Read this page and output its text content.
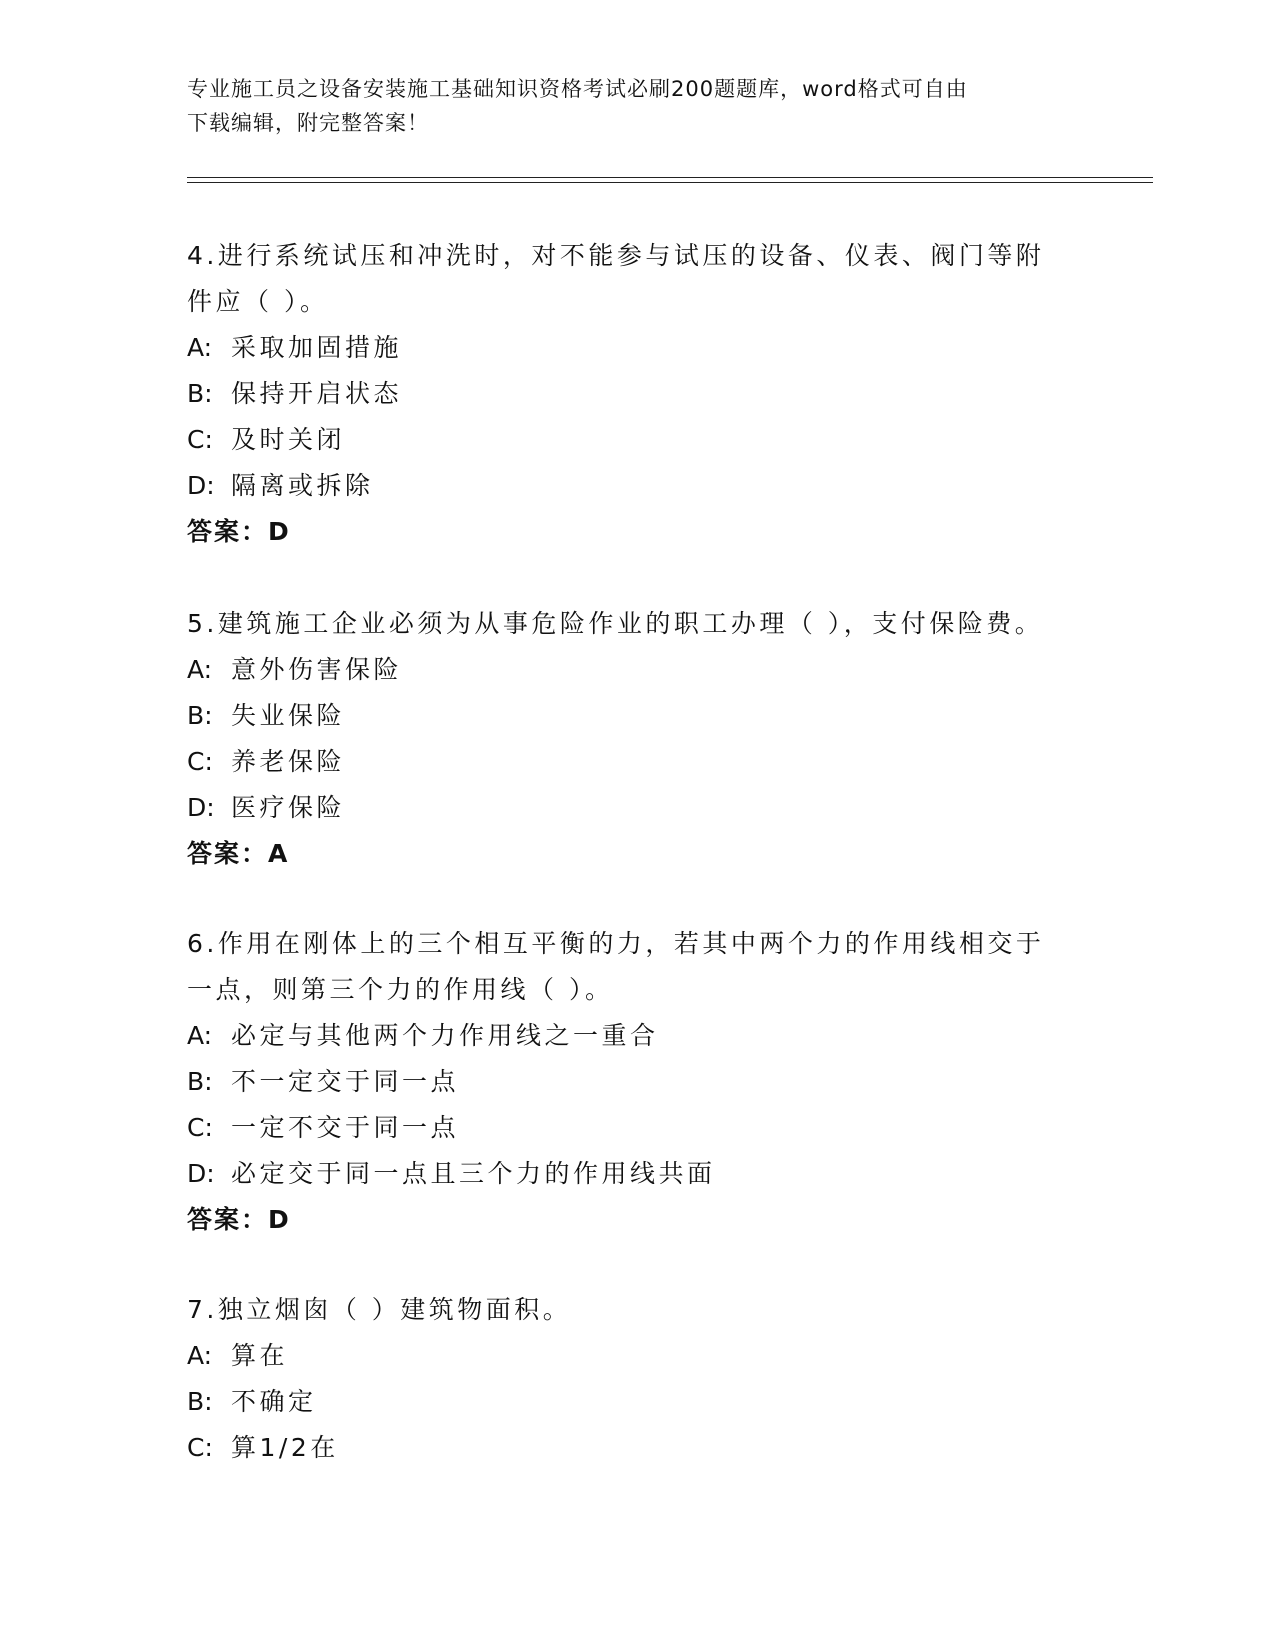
专业施工员之设备安装施工基础知识资格考试必刷200题题库，word格式可自由
下载编辑，附完整答案！
4.进行系统试压和冲洗时，对不能参与试压的设备、仪表、阀门等附
件应（ ）。
A: 采取加固措施
B: 保持开启状态
C: 及时关闭
D: 隔离或拆除
答案：D
5.建筑施工企业必须为从事危险作业的职工办理（ ），支付保险费。
A: 意外伤害保险
B: 失业保险
C: 养老保险
D: 医疗保险
答案：A
6.作用在刚体上的三个相互平衡的力，若其中两个力的作用线相交于
一点，则第三个力的作用线（ ）。
A: 必定与其他两个力作用线之一重合
B: 不一定交于同一点
C: 一定不交于同一点
D: 必定交于同一点且三个力的作用线共面
答案：D
7.独立烟囱（ ）建筑物面积。
A: 算在
B: 不确定
C: 算1/2在
